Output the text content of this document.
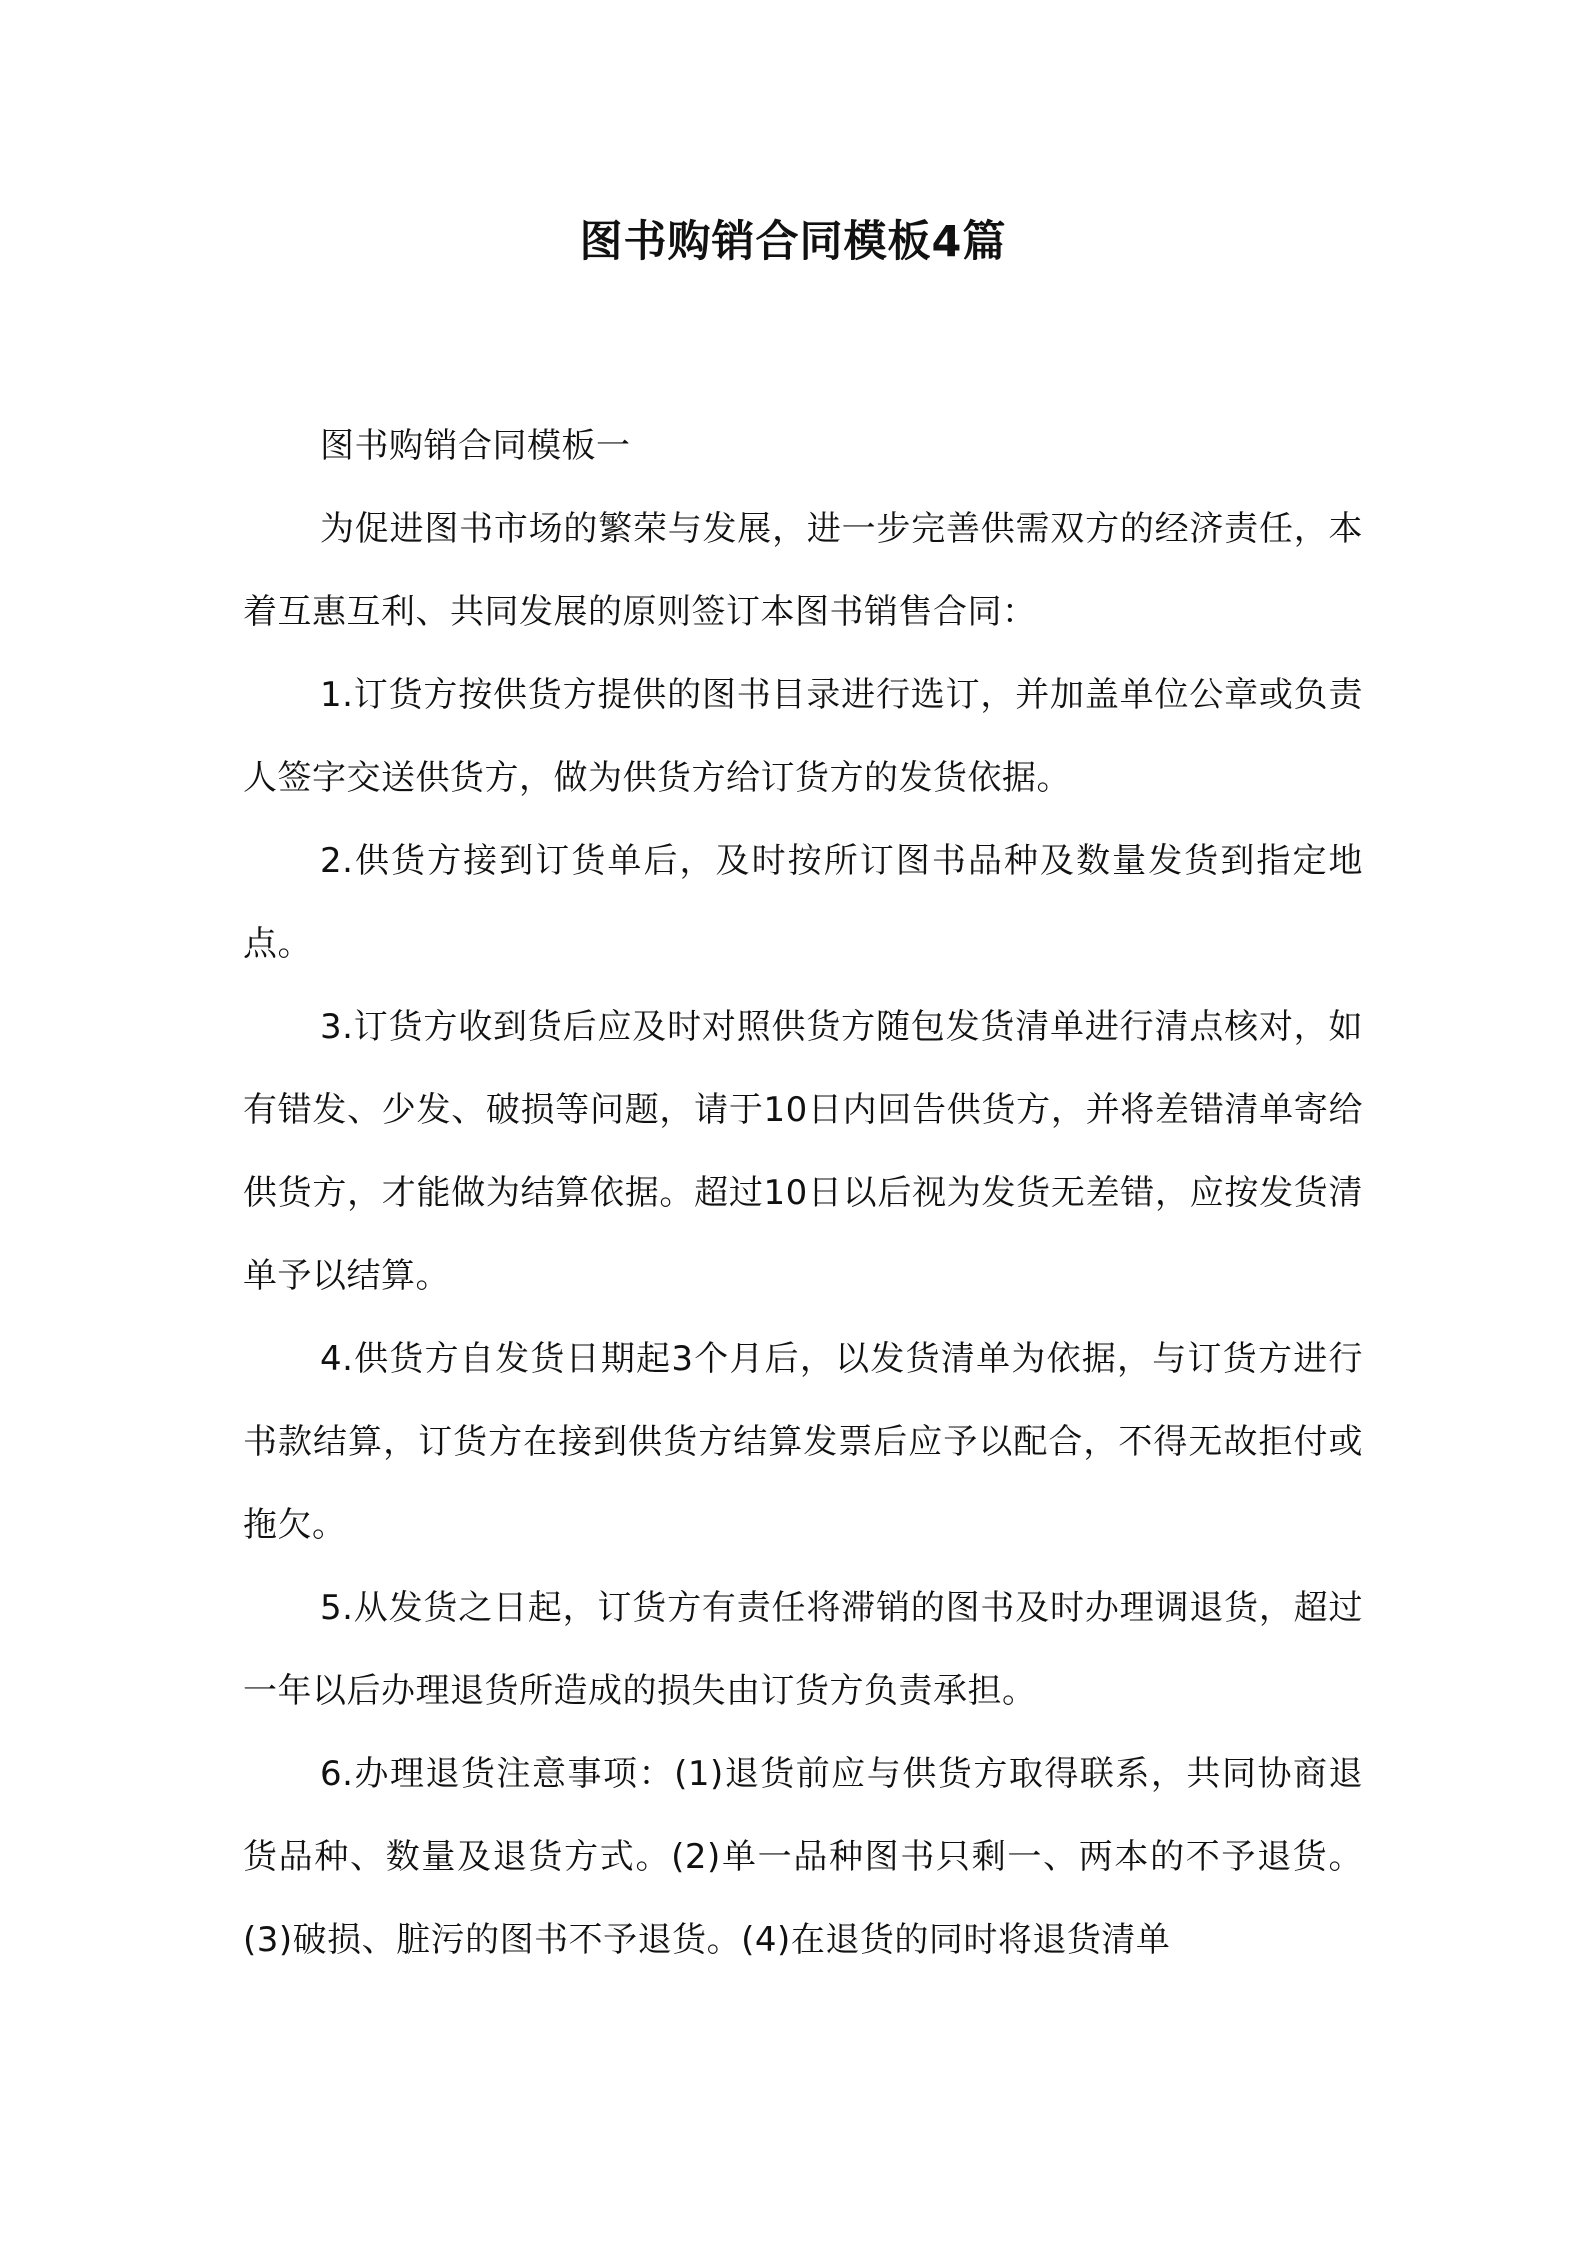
图书购销合同模板4篇

图书购销合同模板一

为促进图书市场的繁荣与发展，进一步完善供需双方的经济责任，本着互惠互利、共同发展的原则签订本图书销售合同：

1.订货方按供货方提供的图书目录进行选订，并加盖单位公章或负责人签字交送供货方，做为供货方给订货方的发货依据。

2.供货方接到订货单后，及时按所订图书品种及数量发货到指定地点。

3.订货方收到货后应及时对照供货方随包发货清单进行清点核对，如有错发、少发、破损等问题，请于10日内回告供货方，并将差错清单寄给供货方，才能做为结算依据。超过10日以后视为发货无差错，应按发货清单予以结算。

4.供货方自发货日期起3个月后，以发货清单为依据，与订货方进行书款结算，订货方在接到供货方结算发票后应予以配合，不得无故拒付或拖欠。

5.从发货之日起，订货方有责任将滞销的图书及时办理调退货，超过一年以后办理退货所造成的损失由订货方负责承担。

6.办理退货注意事项：(1)退货前应与供货方取得联系，共同协商退货品种、数量及退货方式。(2)单一品种图书只剩一、两本的不予退货。(3)破损、脏污的图书不予退货。(4)在退货的同时将退货清单
